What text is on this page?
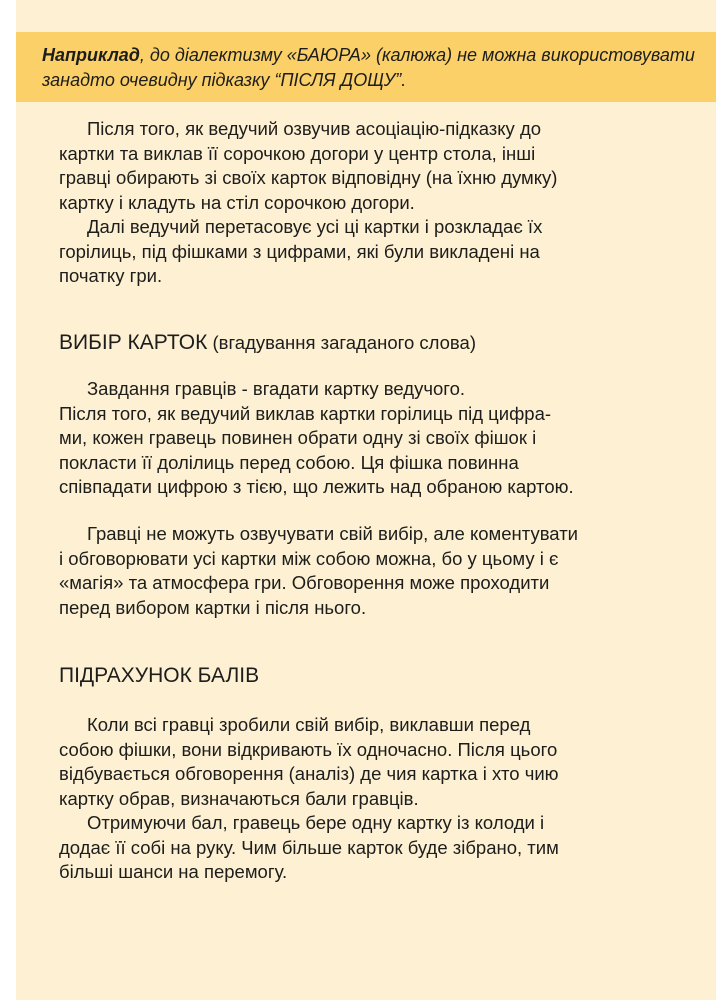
Наприклад, до діалектизму «БАЮРА» (калюжа) не можна використовувати занадто очевидну підказку “ПІСЛЯ ДОЩУ”.
Після того, як ведучий озвучив асоціацію-підказку до
картки та виклав її сорочкою догори у центр стола, інші
гравці обирають зі своїх карток відповідну (на їхню думку)
картку і кладуть на стіл сорочкою догори.
Далі ведучий перетасовує усі ці картки і розкладає їх
горілиць, під фішками з цифрами, які були викладені на
початку гри.
ВИБІР КАРТОК (вгадування загаданого слова)
Завдання гравців - вгадати картку ведучого.
Після того, як ведучий виклав картки горілиць під цифра-
ми, кожен гравець повинен обрати одну зі своїх фішок і
покласти її долілиць перед собою. Ця фішка повинна
співпадати цифрою з тією, що лежить над обраною картою.
Гравці не можуть озвучувати свій вибір, але коментувати
і обговорювати усі картки між собою можна, бо у цьому і є
«магія» та атмосфера гри. Обговорення може проходити
перед вибором картки і після нього.
ПІДРАХУНОК БАЛІВ
Коли всі гравці зробили свій вибір, виклавши перед
собою фішки, вони відкривають їх одночасно. Після цього
відбувається обговорення (аналіз) де чия картка і хто чию
картку обрав, визначаються бали гравців.
Отримуючи бал, гравець бере одну картку із колоди і
додає її собі на руку. Чим більше карток буде зібрано, тим
більші шанси на перемогу.
